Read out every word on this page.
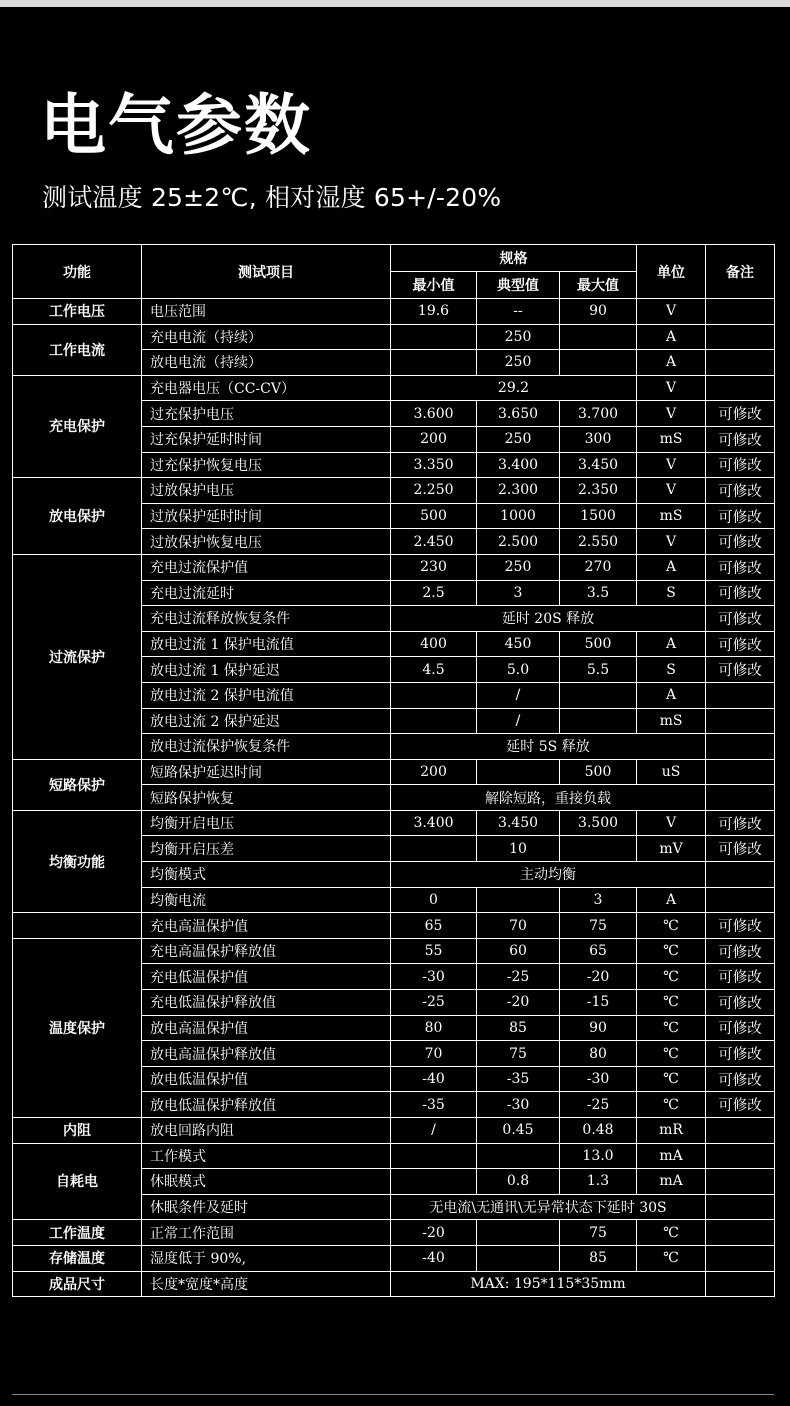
电气参数
测试温度 25±2℃, 相对湿度 65+/-20%
功能	测试项目	规格			单位	备注
		最小值	典型值	最大值		
工作电压	电压范围	19.6	--	90	V	
工作电流	充电电流（持续）		250		A	
	放电电流（持续）		250		A	
充电保护	充电器电压（CC-CV）	29.2			V	
	过充保护电压	3.600	3.650	3.700	V	可修改
	过充保护延时时间	200	250	300	mS	可修改
	过充保护恢复电压	3.350	3.400	3.450	V	可修改
放电保护	过放保护电压	2.250	2.300	2.350	V	可修改
	过放保护延时时间	500	1000	1500	mS	可修改
	过放保护恢复电压	2.450	2.500	2.550	V	可修改
过流保护	充电过流保护值	230	250	270	A	可修改
	充电过流延时	2.5	3	3.5	S	可修改
	充电过流释放恢复条件	延时 20S 释放				可修改
	放电过流 1 保护电流值	400	450	500	A	可修改
	放电过流 1 保护延迟	4.5	5.0	5.5	S	可修改
	放电过流 2 保护电流值		/		A	
	放电过流 2 保护延迟		/		mS	
	放电过流保护恢复条件	延时 5S 释放				
短路保护	短路保护延迟时间	200		500	uS	
	短路保护恢复	解除短路，重接负载				
均衡功能	均衡开启电压	3.400	3.450	3.500	V	可修改
	均衡开启压差		10		mV	可修改
	均衡模式	主动均衡				
	均衡电流	0		3	A	
	充电高温保护值	65	70	75	℃	可修改
温度保护	充电高温保护释放值	55	60	65	℃	可修改
	充电低温保护值	-30	-25	-20	℃	可修改
	充电低温保护释放值	-25	-20	-15	℃	可修改
	放电高温保护值	80	85	90	℃	可修改
	放电高温保护释放值	70	75	80	℃	可修改
	放电低温保护值	-40	-35	-30	℃	可修改
	放电低温保护释放值	-35	-30	-25	℃	可修改
内阻	放电回路内阻	/	0.45	0.48	mR	
自耗电	工作模式			13.0	mA	
	休眠模式		0.8	1.3	mA	
	休眠条件及延时	无电流\无通讯\无异常状态下延时 30S				
工作温度	正常工作范围	-20		75	℃	
存储温度	湿度低于 90%,	-40		85	℃	
成品尺寸	长度*宽度*高度	MAX: 195*115*35mm				
